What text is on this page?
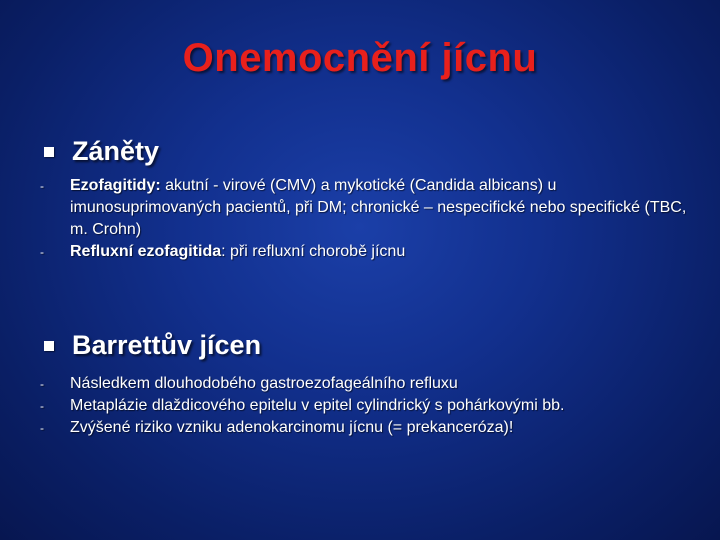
Onemocnění jícnu
Záněty
-	Ezofagitidy: akutní - virové (CMV) a mykotické (Candida albicans) u imunosuprimovaných pacientů, při DM; chronické – nespecifické nebo specifické (TBC, m. Crohn)
-	Refluxní ezofagitida: při refluxní chorobě jícnu
Barrettův jícen
-	Následkem dlouhodobého gastroezofageálního refluxu
-	Metaplázie dlaždicového epitelu v epitel cylindrický s pohárkovými bb.
-	Zvýšené riziko vzniku adenokarcinomu jícnu (= prekanceróza)!
